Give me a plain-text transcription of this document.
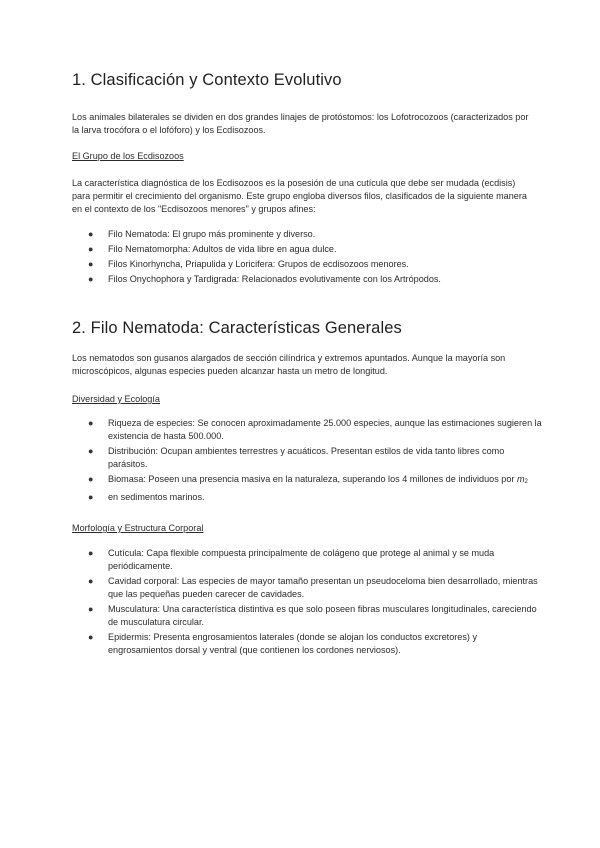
1. Clasificación y Contexto Evolutivo

Los animales bilaterales se dividen en dos grandes linajes de protóstomos: los Lofotrocozoos (caracterizados por la larva trocófora o el lofóforo) y los Ecdisozoos.

El Grupo de los Ecdisozoos

La característica diagnóstica de los Ecdisozoos es la posesión de una cutícula que debe ser mudada (ecdisis) para permitir el crecimiento del organismo. Este grupo engloba diversos filos, clasificados de la siguiente manera en el contexto de los "Ecdisozoos menores" y grupos afines:

● Filo Nematoda: El grupo más prominente y diverso.
● Filo Nematomorpha: Adultos de vida libre en agua dulce.
● Filos Kinorhyncha, Priapulida y Loricifera: Grupos de ecdisozoos menores.
● Filos Onychophora y Tardigrada: Relacionados evolutivamente con los Artrópodos.
2. Filo Nematoda: Características Generales

Los nematodos son gusanos alargados de sección cilíndrica y extremos apuntados. Aunque la mayoría son microscópicos, algunas especies pueden alcanzar hasta un metro de longitud.

Diversidad y Ecología
● Riqueza de especies: Se conocen aproximadamente 25.000 especies, aunque las estimaciones sugieren la existencia de hasta 500.000.
● Distribución: Ocupan ambientes terrestres y acuáticos. Presentan estilos de vida tanto libres como parásitos.
● Biomasa: Poseen una presencia masiva en la naturaleza, superando los 4 millones de individuos por m2
● en sedimentos marinos.
Morfología y Estructura Corporal
● Cutícula: Capa flexible compuesta principalmente de colágeno que protege al animal y se muda periódicamente.
● Cavidad corporal: Las especies de mayor tamaño presentan un pseudoceloma bien desarrollado, mientras que las pequeñas pueden carecer de cavidades.
● Musculatura: Una característica distintiva es que solo poseen fibras musculares longitudinales, careciendo de musculatura circular.
● Epidermis: Presenta engrosamientos laterales (donde se alojan los conductos excretores) y engrosamientos dorsal y ventral (que contienen los cordones nerviosos).
